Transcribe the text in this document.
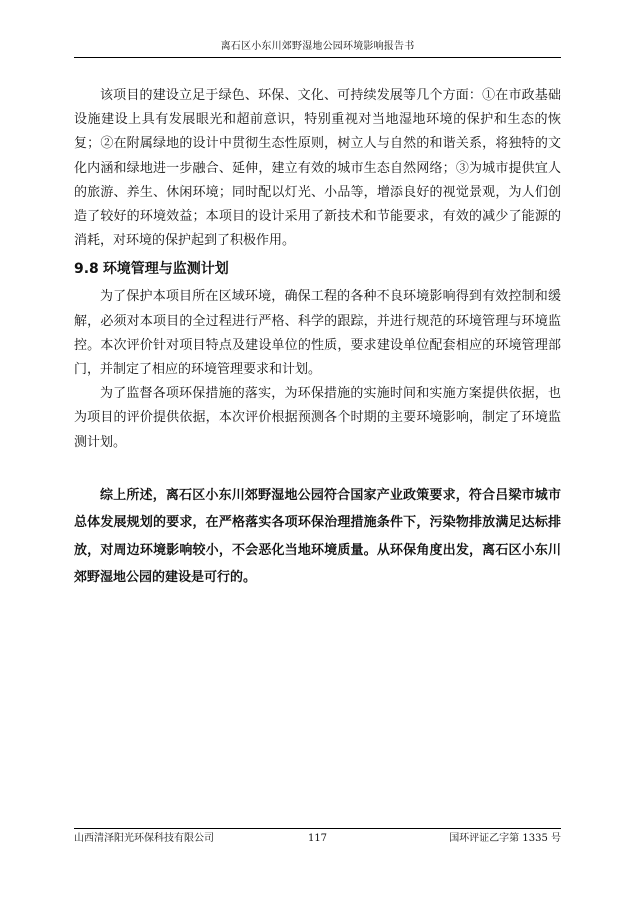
离石区小东川郊野湿地公园环境影响报告书

该项目的建设立足于绿色、环保、文化、可持续发展等几个方面：①在市政基础设施建设上具有发展眼光和超前意识，特别重视对当地湿地环境的保护和生态的恢复；②在附属绿地的设计中贯彻生态性原则，树立人与自然的和谐关系，将独特的文化内涵和绿地进一步融合、延伸，建立有效的城市生态自然网络；③为城市提供宜人的旅游、养生、休闲环境；同时配以灯光、小品等，增添良好的视觉景观，为人们创造了较好的环境效益；本项目的设计采用了新技术和节能要求，有效的减少了能源的消耗，对环境的保护起到了积极作用。

9.8 环境管理与监测计划

为了保护本项目所在区域环境，确保工程的各种不良环境影响得到有效控制和缓解，必须对本项目的全过程进行严格、科学的跟踪，并进行规范的环境管理与环境监控。本次评价针对项目特点及建设单位的性质，要求建设单位配套相应的环境管理部门，并制定了相应的环境管理要求和计划。

为了监督各项环保措施的落实，为环保措施的实施时间和实施方案提供依据，也为项目的评价提供依据，本次评价根据预测各个时期的主要环境影响，制定了环境监测计划。

综上所述，离石区小东川郊野湿地公园符合国家产业政策要求，符合吕梁市城市总体发展规划的要求，在严格落实各项环保治理措施条件下，污染物排放满足达标排放，对周边环境影响较小，不会恶化当地环境质量。从环保角度出发，离石区小东川郊野湿地公园的建设是可行的。

山西清泽阳光环保科技有限公司	117	国环评证乙字第 1335 号
